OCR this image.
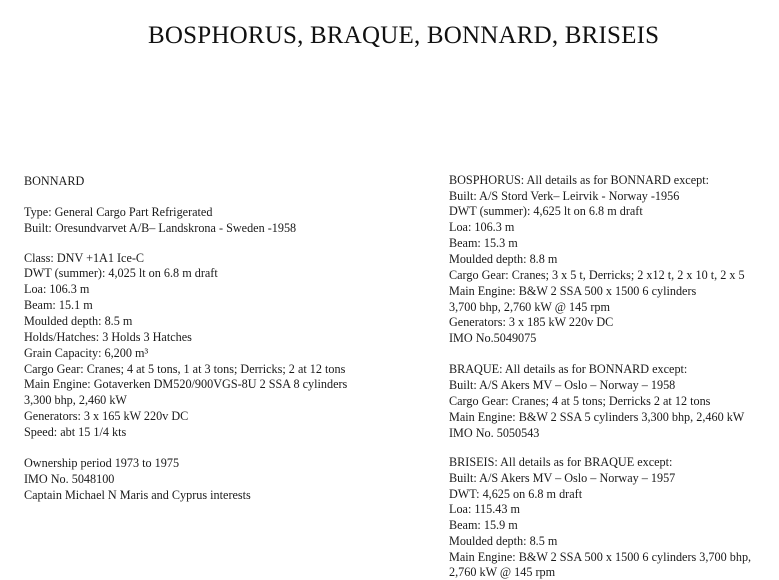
BOSPHORUS, BRAQUE, BONNARD, BRISEIS
BONNARD
Type: General Cargo Part Refrigerated
Built: Oresundvarvet A/B– Landskrona - Sweden -1958
Class: DNV +1A1 Ice-C
DWT (summer): 4,025 lt on 6.8 m draft
Loa: 106.3 m
Beam: 15.1 m
Moulded depth: 8.5 m
Holds/Hatches: 3 Holds 3 Hatches
Grain Capacity: 6,200 m³
Cargo Gear: Cranes; 4 at 5 tons, 1 at 3 tons; Derricks; 2 at 12 tons
Main Engine: Gotaverken DM520/900VGS-8U 2 SSA 8 cylinders
3,300 bhp, 2,460 kW
Generators: 3 x 165 kW 220v DC
Speed: abt 15 1/4 kts
Ownership period 1973 to 1975
IMO No. 5048100
Captain Michael N Maris and Cyprus interests
BOSPHORUS: All details as for BONNARD except:
Built: A/S Stord Verk– Leirvik - Norway -1956
DWT (summer): 4,625 lt on 6.8 m draft
Loa: 106.3 m
Beam: 15.3 m
Moulded depth: 8.8 m
Cargo Gear: Cranes; 3 x 5 t, Derricks; 2 x12 t, 2 x 10 t, 2 x 5
Main Engine: B&W 2 SSA 500 x 1500 6 cylinders
3,700 bhp, 2,760 kW @ 145 rpm
Generators: 3 x 185 kW 220v DC
IMO No.5049075
BRAQUE: All details as for BONNARD except:
Built: A/S Akers MV – Oslo – Norway – 1958
Cargo Gear: Cranes; 4 at 5 tons; Derricks 2 at 12 tons
Main Engine: B&W 2 SSA 5 cylinders 3,300 bhp, 2,460 kW
IMO No. 5050543
BRISEIS: All details as for BRAQUE except:
Built: A/S Akers MV – Oslo – Norway – 1957
DWT: 4,625 on 6.8 m draft
Loa: 115.43 m
Beam: 15.9 m
Moulded depth: 8.5 m
Main Engine: B&W 2 SSA 500 x 1500 6 cylinders 3,700 bhp,
2,760 kW @ 145 rpm
